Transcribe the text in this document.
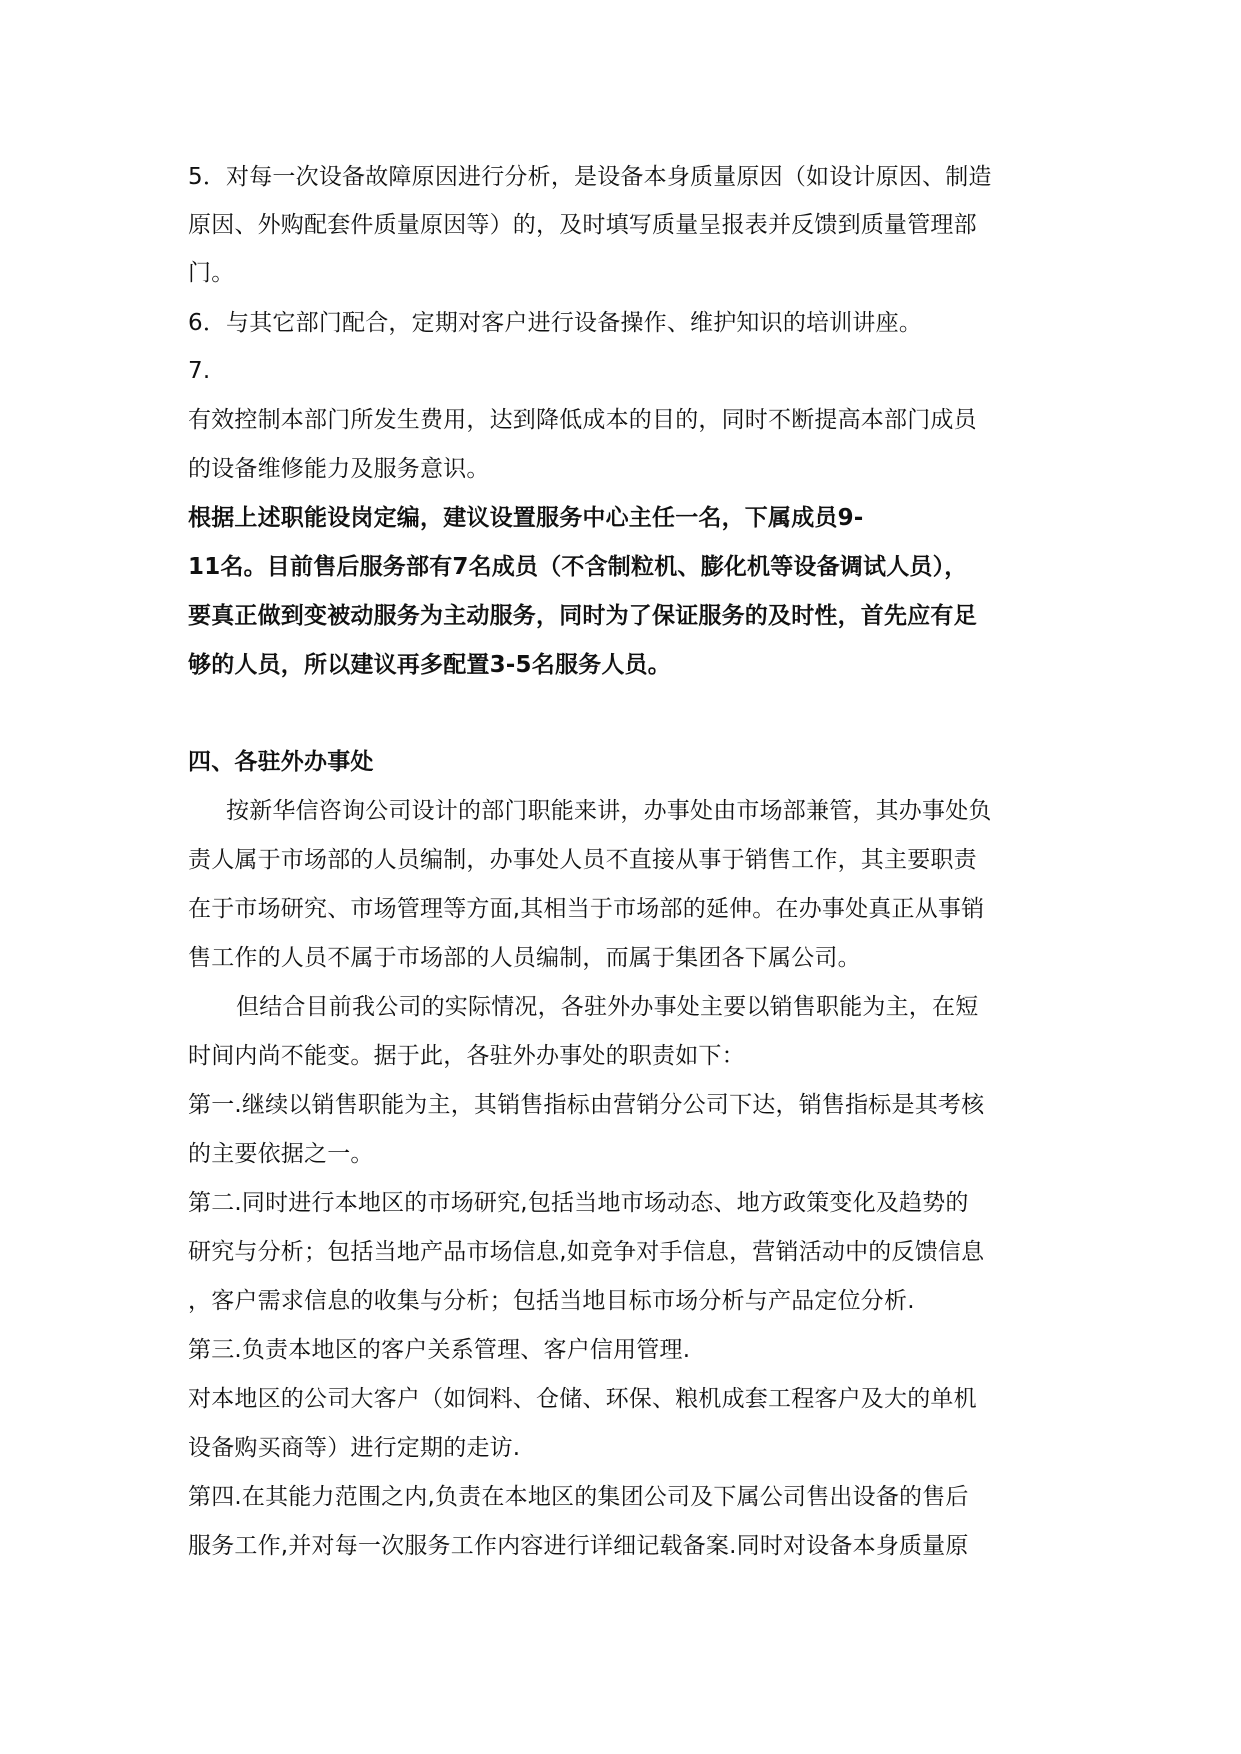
5．对每一次设备故障原因进行分析，是设备本身质量原因（如设计原因、制造
原因、外购配套件质量原因等）的，及时填写质量呈报表并反馈到质量管理部
门。
6．与其它部门配合，定期对客户进行设备操作、维护知识的培训讲座。
7.
有效控制本部门所发生费用，达到降低成本的目的，同时不断提高本部门成员
的设备维修能力及服务意识。
根据上述职能设岗定编，建议设置服务中心主任一名，下属成员9-
11名。目前售后服务部有7名成员（不含制粒机、膨化机等设备调试人员），
要真正做到变被动服务为主动服务，同时为了保证服务的及时性，首先应有足
够的人员，所以建议再多配置3-5名服务人员。
四、各驻外办事处
按新华信咨询公司设计的部门职能来讲，办事处由市场部兼管，其办事处负
责人属于市场部的人员编制，办事处人员不直接从事于销售工作，其主要职责
在于市场研究、市场管理等方面,其相当于市场部的延伸。在办事处真正从事销
售工作的人员不属于市场部的人员编制，而属于集团各下属公司。
但结合目前我公司的实际情况，各驻外办事处主要以销售职能为主，在短
时间内尚不能变。据于此，各驻外办事处的职责如下：
第一.继续以销售职能为主，其销售指标由营销分公司下达，销售指标是其考核
的主要依据之一。
第二.同时进行本地区的市场研究,包括当地市场动态、地方政策变化及趋势的
研究与分析；包括当地产品市场信息,如竞争对手信息，营销活动中的反馈信息
，客户需求信息的收集与分析；包括当地目标市场分析与产品定位分析.
第三.负责本地区的客户关系管理、客户信用管理.
对本地区的公司大客户（如饲料、仓储、环保、粮机成套工程客户及大的单机
设备购买商等）进行定期的走访.
第四.在其能力范围之内,负责在本地区的集团公司及下属公司售出设备的售后
服务工作,并对每一次服务工作内容进行详细记载备案.同时对设备本身质量原
